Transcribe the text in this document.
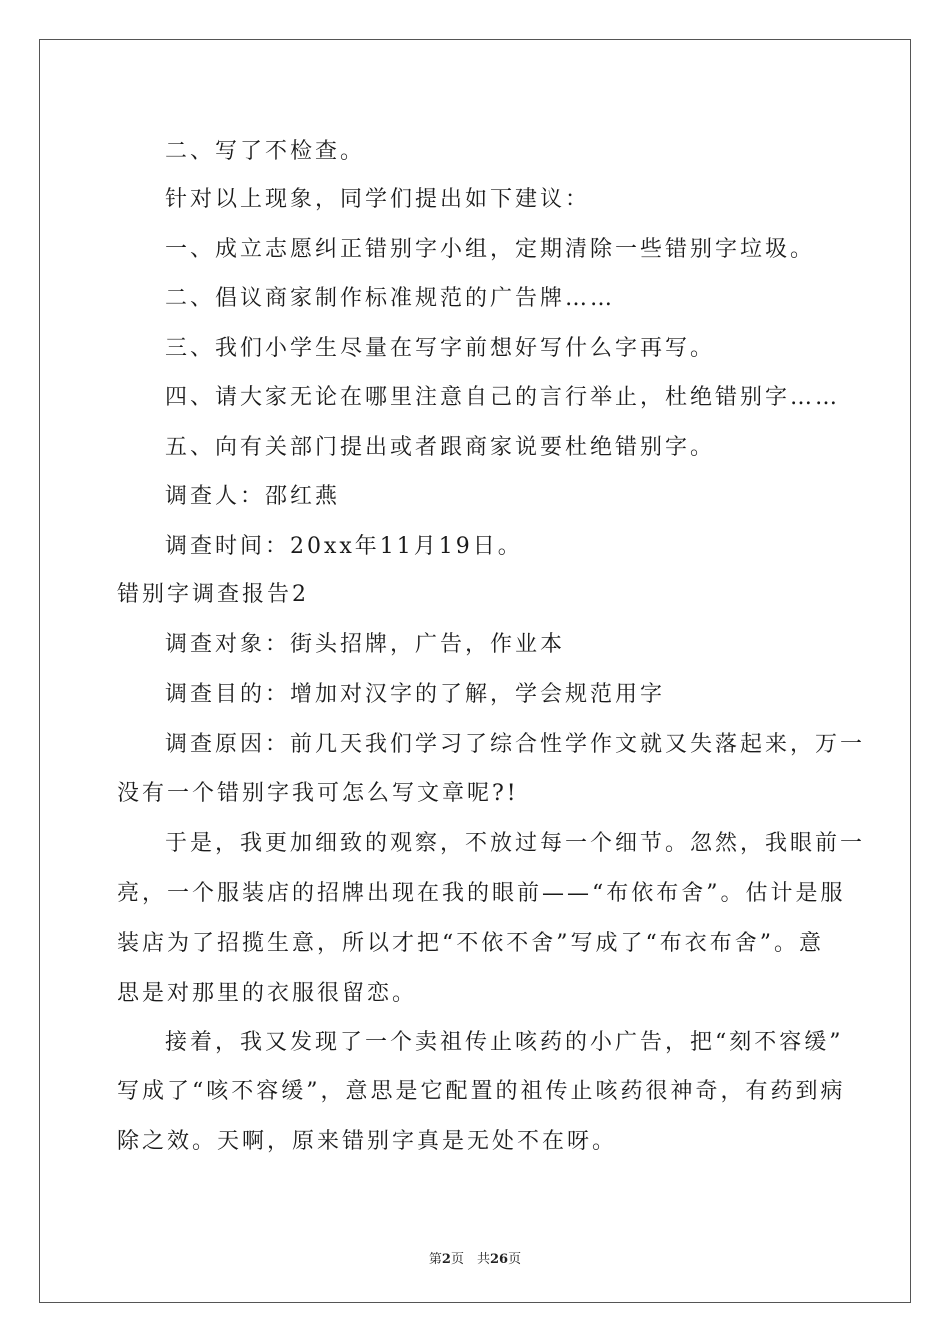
二、写了不检查。
针对以上现象，同学们提出如下建议：
一、成立志愿纠正错别字小组，定期清除一些错别字垃圾。
二、倡议商家制作标准规范的广告牌……
三、我们小学生尽量在写字前想好写什么字再写。
四、请大家无论在哪里注意自己的言行举止，杜绝错别字……
五、向有关部门提出或者跟商家说要杜绝错别字。
调查人：邵红燕
调查时间：20xx年11月19日。
错别字调查报告2
调查对象：街头招牌，广告，作业本
调查目的：增加对汉字的了解，学会规范用字
调查原因：前几天我们学习了综合性学作文就又失落起来，万一
没有一个错别字我可怎么写文章呢?!
于是，我更加细致的观察，不放过每一个细节。忽然，我眼前一
亮，一个服装店的招牌出现在我的眼前——“布依布舍”。估计是服
装店为了招揽生意，所以才把“不依不舍”写成了“布衣布舍”。意
思是对那里的衣服很留恋。
接着，我又发现了一个卖祖传止咳药的小广告，把“刻不容缓”
写成了“咳不容缓”，意思是它配置的祖传止咳药很神奇，有药到病
除之效。天啊，原来错别字真是无处不在呀。
第2页　共26页
